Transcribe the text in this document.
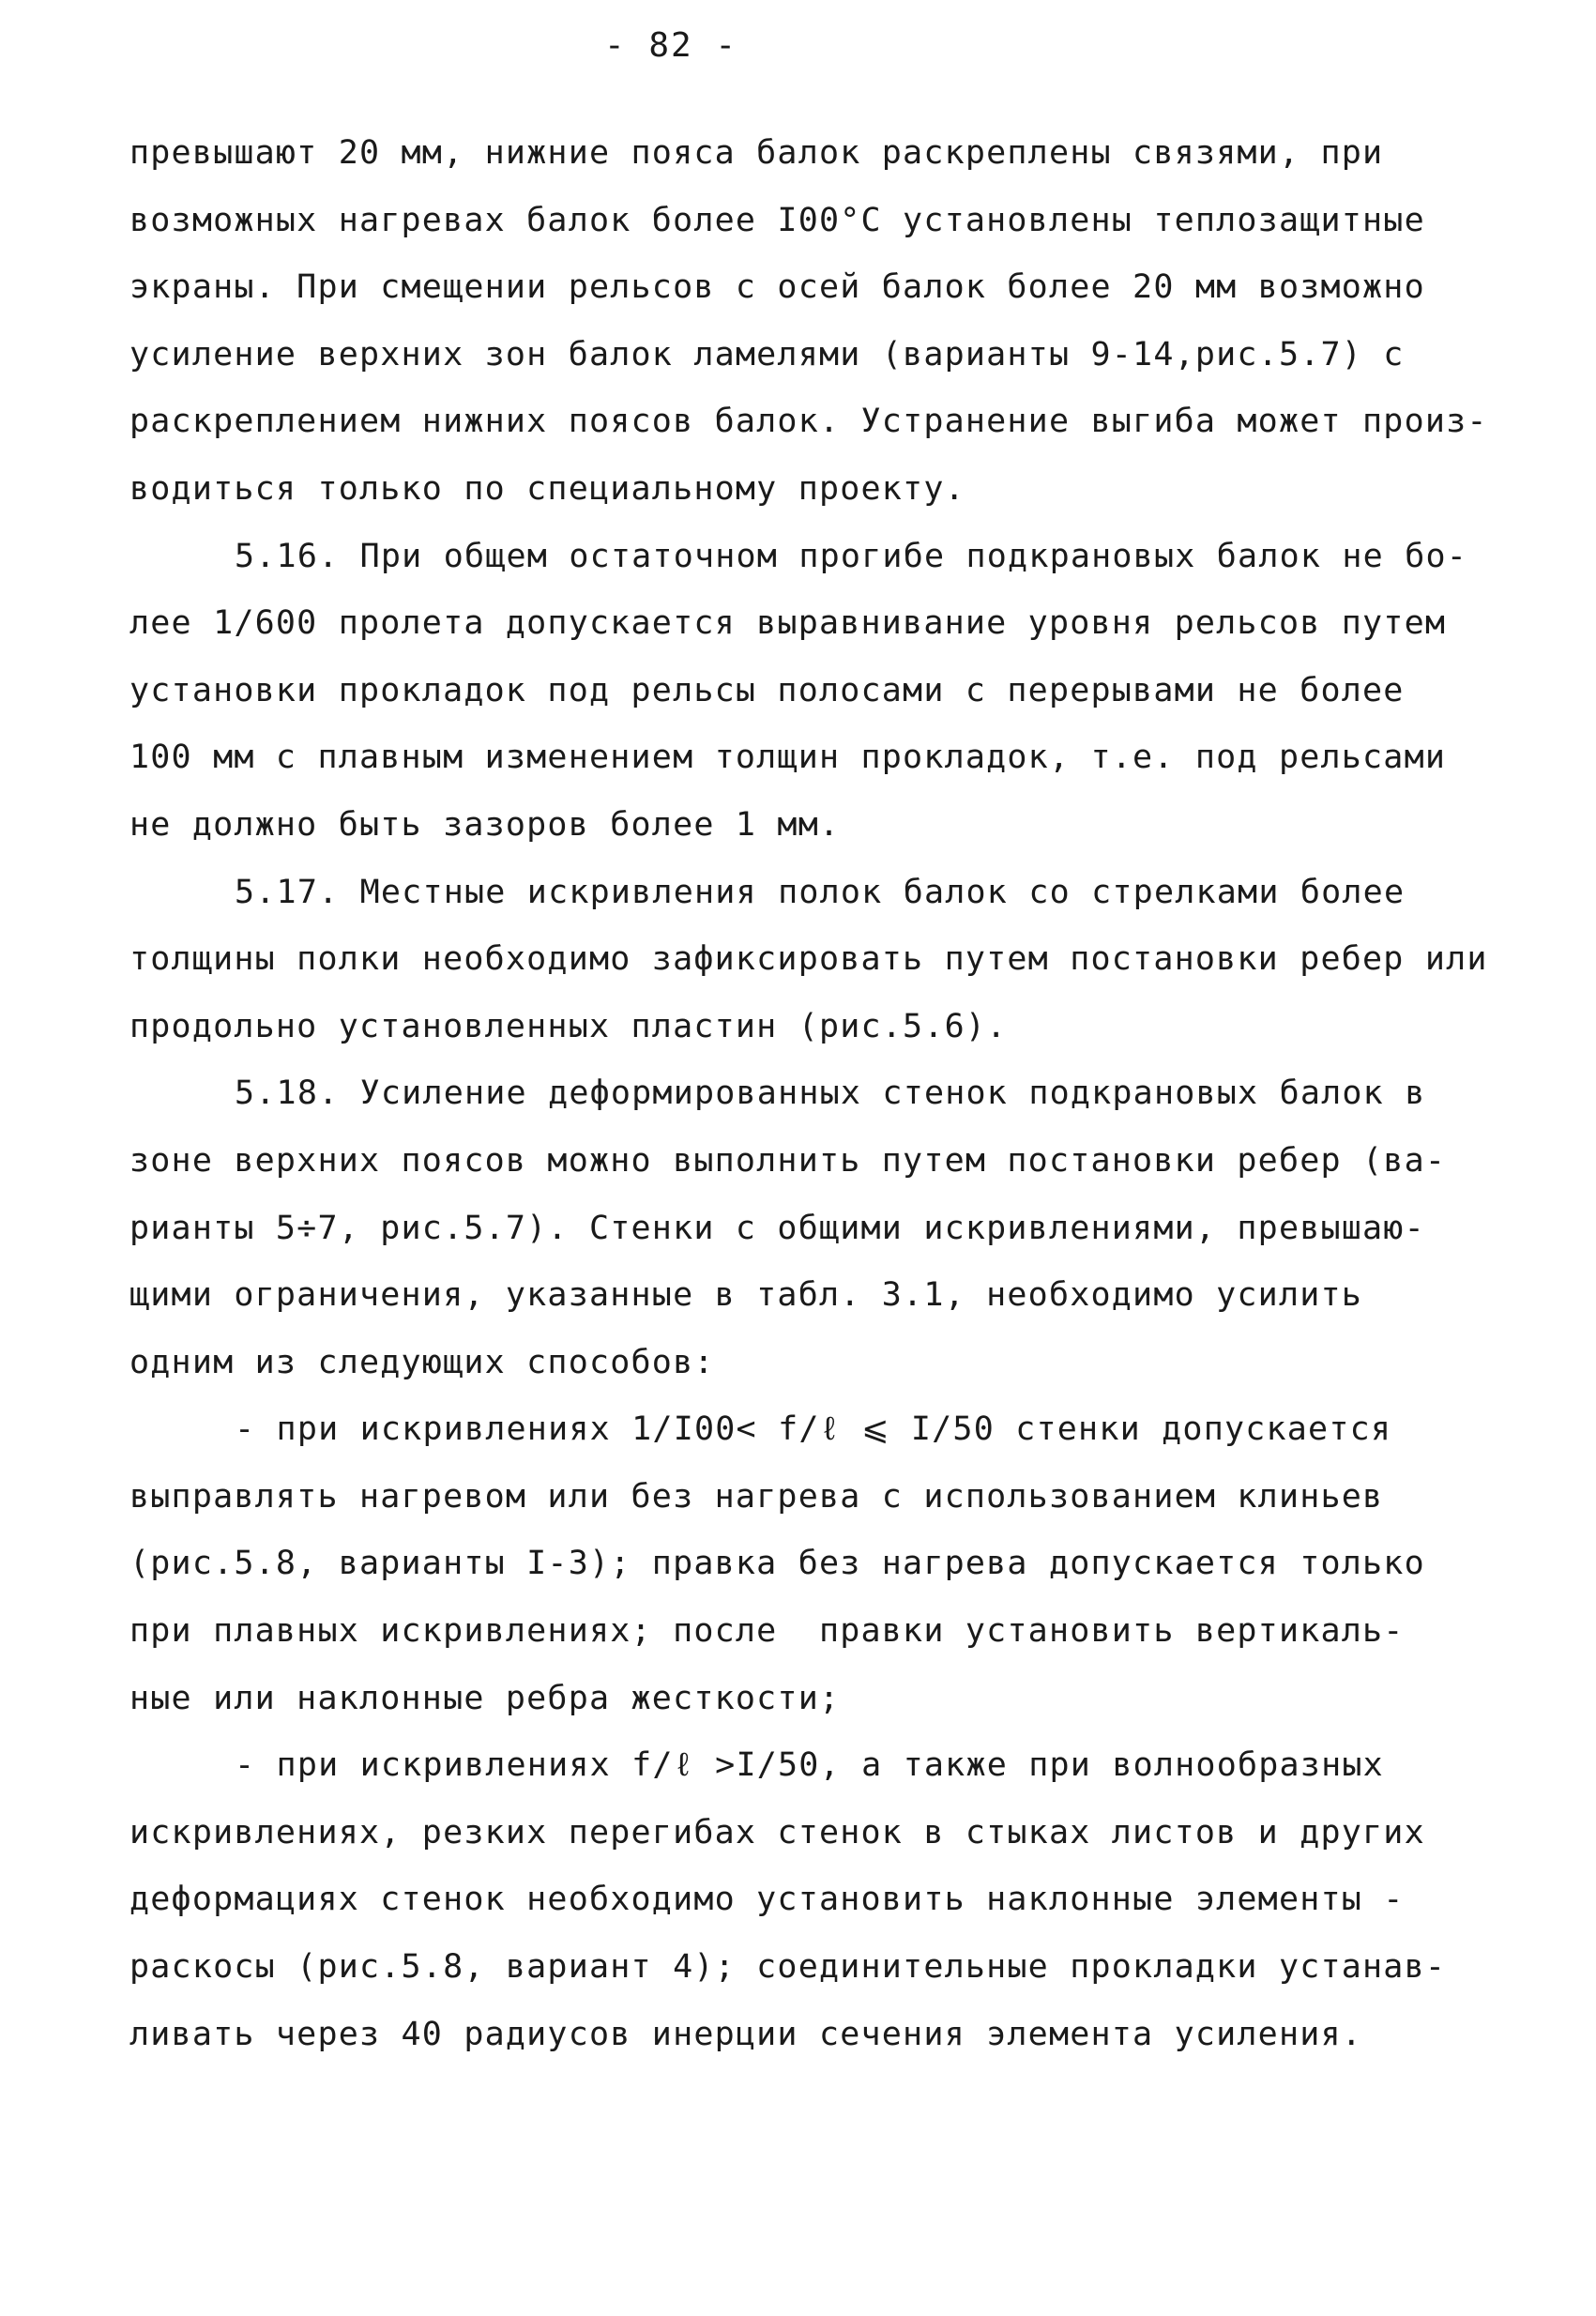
- 82 -
превышают 20 мм, нижние пояса балок раскреплены связями, при
возможных нагревах балок более I00°C установлены теплозащитные
экраны. При смещении рельсов с осей балок более 20 мм возможно
усиление верхних зон балок ламелями (варианты 9-14,рис.5.7) с
раскреплением нижних поясов балок. Устранение выгиба может произ-
водиться только по специальному проекту.
5.16. При общем остаточном прогибе подкрановых балок не бо-
лее 1/600 пролета допускается выравнивание уровня рельсов путем
установки прокладок под рельсы полосами с перерывами не более
100 мм с плавным изменением толщин прокладок, т.е. под рельсами
не должно быть зазоров более 1 мм.
5.17. Местные искривления полок балок со стрелками более
толщины полки необходимо зафиксировать путем постановки ребер или
продольно установленных пластин (рис.5.6).
5.18. Усиление деформированных стенок подкрановых балок в
зоне верхних поясов можно выполнить путем постановки ребер (ва-
рианты 5÷7, рис.5.7). Стенки с общими искривлениями, превышаю-
щими ограничения, указанные в табл. 3.1, необходимо усилить
одним из следующих способов:
- при искривлениях 1/I00< f/ℓ ⩽ I/50 стенки допускается
выправлять нагревом или без нагрева с использованием клиньев
(рис.5.8, варианты I-3); правка без нагрева допускается только
при плавных искривлениях; после  правки установить вертикаль-
ные или наклонные ребра жесткости;
- при искривлениях f/ℓ >I/50, а также при волнообразных
искривлениях, резких перегибах стенок в стыках листов и других
деформациях стенок необходимо установить наклонные элементы -
раскосы (рис.5.8, вариант 4); соединительные прокладки устанав-
ливать через 40 радиусов инерции сечения элемента усиления.
